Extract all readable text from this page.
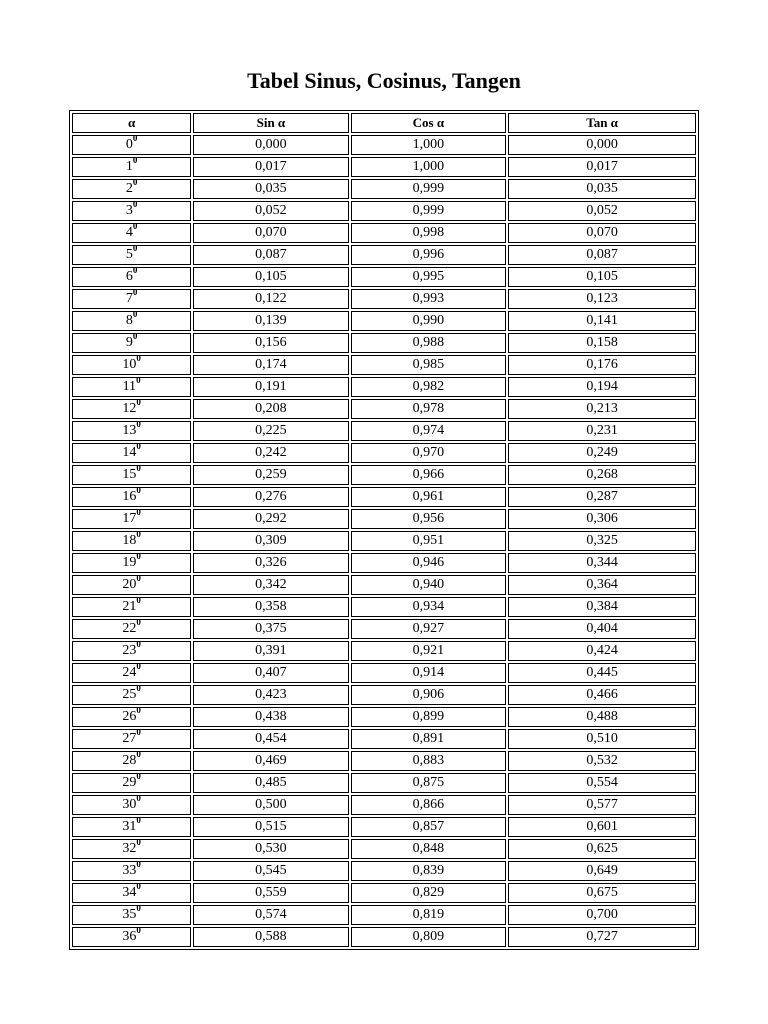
Tabel Sinus, Cosinus, Tangen
α	Sin α	Cos α	Tan α
$0^0$	0,000	1,000	0,000
$1^0$	0,017	1,000	0,017
$2^0$	0,035	0,999	0,035
$3^0$	0,052	0,999	0,052
$4^0$	0,070	0,998	0,070
$5^0$	0,087	0,996	0,087
$6^0$	0,105	0,995	0,105
$7^0$	0,122	0,993	0,123
$8^0$	0,139	0,990	0,141
$9^0$	0,156	0,988	0,158
$10^0$	0,174	0,985	0,176
$11^0$	0,191	0,982	0,194
$12^0$	0,208	0,978	0,213
$13^0$	0,225	0,974	0,231
$14^0$	0,242	0,970	0,249
$15^0$	0,259	0,966	0,268
$16^0$	0,276	0,961	0,287
$17^0$	0,292	0,956	0,306
$18^0$	0,309	0,951	0,325
$19^0$	0,326	0,946	0,344
$20^0$	0,342	0,940	0,364
$21^0$	0,358	0,934	0,384
$22^0$	0,375	0,927	0,404
$23^0$	0,391	0,921	0,424
$24^0$	0,407	0,914	0,445
$25^0$	0,423	0,906	0,466
$26^0$	0,438	0,899	0,488
$27^0$	0,454	0,891	0,510
$28^0$	0,469	0,883	0,532
$29^0$	0,485	0,875	0,554
$30^0$	0,500	0,866	0,577
$31^0$	0,515	0,857	0,601
$32^0$	0,530	0,848	0,625
$33^0$	0,545	0,839	0,649
$34^0$	0,559	0,829	0,675
$35^0$	0,574	0,819	0,700
$36^0$	0,588	0,809	0,727
